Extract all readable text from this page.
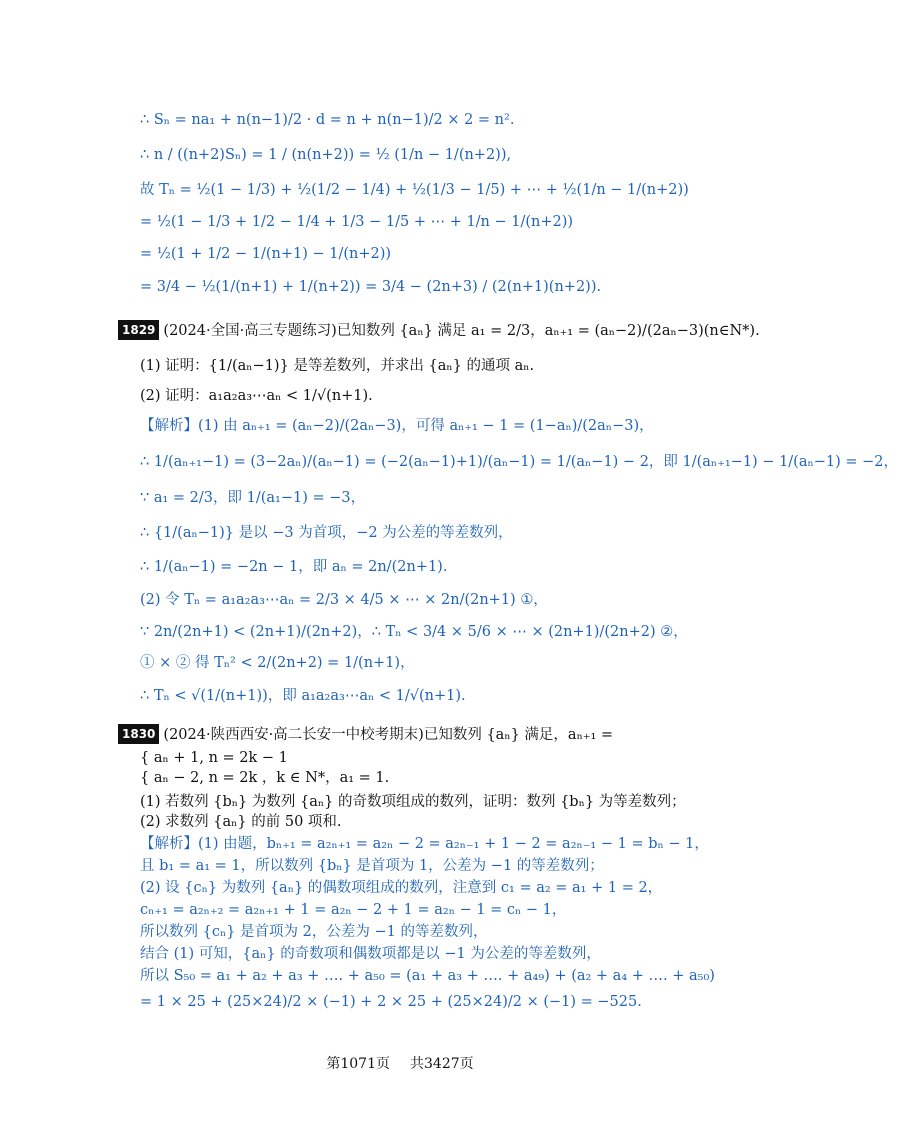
∴ Sₙ = na₁ + n(n−1)/2 · d = n + n(n−1)/2 × 2 = n².
∴ n / ((n+2)Sₙ) = 1 / (n(n+2)) = ½ (1/n − 1/(n+2)),
故 Tₙ = ½(1 − 1/3) + ½(1/2 − 1/4) + ½(1/3 − 1/5) + ⋯ + ½(1/n − 1/(n+2))
= ½(1 − 1/3 + 1/2 − 1/4 + 1/3 − 1/5 + ⋯ + 1/n − 1/(n+2))
= ½(1 + 1/2 − 1/(n+1) − 1/(n+2))
= 3/4 − ½(1/(n+1) + 1/(n+2)) = 3/4 − (2n+3) / (2(n+1)(n+2)).
1829 (2024·全国·高三专题练习)已知数列 {aₙ} 满足 a₁ = 2/3，aₙ₊₁ = (aₙ−2)/(2aₙ−3)(n∈N*).
(1) 证明：{1/(aₙ−1)} 是等差数列，并求出 {aₙ} 的通项 aₙ.
(2) 证明：a₁a₂a₃⋯aₙ < 1/√(n+1).
【解析】(1) 由 aₙ₊₁ = (aₙ−2)/(2aₙ−3)，可得 aₙ₊₁ − 1 = (1−aₙ)/(2aₙ−3)，
∴ 1/(aₙ₊₁−1) = (3−2aₙ)/(aₙ−1) = (−2(aₙ−1)+1)/(aₙ−1) = 1/(aₙ−1) − 2，即 1/(aₙ₊₁−1) − 1/(aₙ−1) = −2，
∵ a₁ = 2/3，即 1/(a₁−1) = −3，
∴ {1/(aₙ−1)} 是以 −3 为首项，−2 为公差的等差数列，
∴ 1/(aₙ−1) = −2n − 1，即 aₙ = 2n/(2n+1).
(2) 令 Tₙ = a₁a₂a₃⋯aₙ = 2/3 × 4/5 × ⋯ × 2n/(2n+1) ①，
∵ 2n/(2n+1) < (2n+1)/(2n+2)，∴ Tₙ < 3/4 × 5/6 × ⋯ × (2n+1)/(2n+2) ②，
① × ② 得 Tₙ² < 2/(2n+2) = 1/(n+1)，
∴ Tₙ < √(1/(n+1))，即 a₁a₂a₃⋯aₙ < 1/√(n+1).
1830 (2024·陕西西安·高二长安一中校考期末)已知数列 {aₙ} 满足，aₙ₊₁ =
{ aₙ + 1, n = 2k − 1
{ aₙ − 2, n = 2k ，k ∈ N*，a₁ = 1.
(1) 若数列 {bₙ} 为数列 {aₙ} 的奇数项组成的数列，证明：数列 {bₙ} 为等差数列；
(2) 求数列 {aₙ} 的前 50 项和.
【解析】(1) 由题，bₙ₊₁ = a₂ₙ₊₁ = a₂ₙ − 2 = a₂ₙ₋₁ + 1 − 2 = a₂ₙ₋₁ − 1 = bₙ − 1，
且 b₁ = a₁ = 1，所以数列 {bₙ} 是首项为 1，公差为 −1 的等差数列；
(2) 设 {cₙ} 为数列 {aₙ} 的偶数项组成的数列，注意到 c₁ = a₂ = a₁ + 1 = 2，
cₙ₊₁ = a₂ₙ₊₂ = a₂ₙ₊₁ + 1 = a₂ₙ − 2 + 1 = a₂ₙ − 1 = cₙ − 1，
所以数列 {cₙ} 是首项为 2，公差为 −1 的等差数列，
结合 (1) 可知，{aₙ} 的奇数项和偶数项都是以 −1 为公差的等差数列，
所以 S₅₀ = a₁ + a₂ + a₃ + …. + a₅₀ = (a₁ + a₃ + …. + a₄₉) + (a₂ + a₄ + …. + a₅₀)
= 1 × 25 + (25×24)/2 × (−1) + 2 × 25 + (25×24)/2 × (−1) = −525.
第1071页 共3427页
